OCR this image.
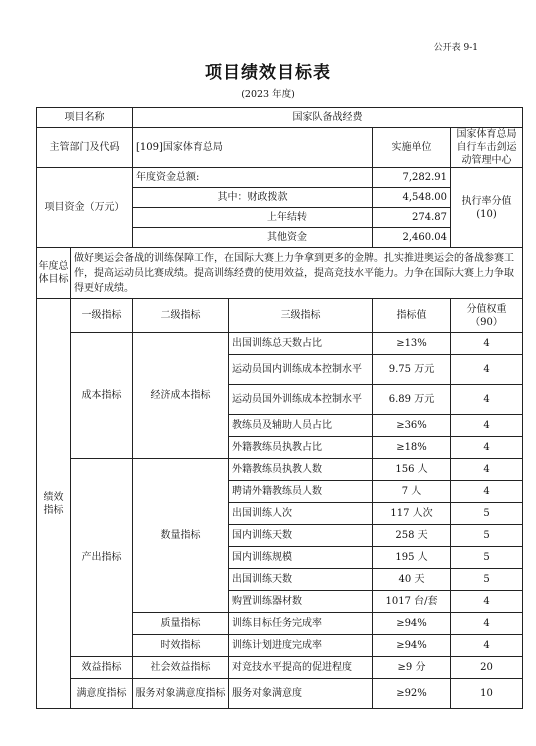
公开表 9-1
项目绩效目标表
(2023 年度)
项目名称		国家队备战经费			
主管部门及代码		[109]国家体育总局		实施单位	国家体育总局自行车击剑运动管理中心
项目资金（万元）		年度资金总额:		7,282.91	执行率分值(10)
		其中：财政拨款		4,548.00	
		上年结转		274.87	
		其他资金		2,460.04	
年度总体目标	做好奥运会备战的训练保障工作，在国际大赛上力争拿到更多的金牌。扎实推进奥运会的备战参赛工作，提高运动员比赛成绩。提高训练经费的使用效益，提高竞技水平能力。力争在国际大赛上力争取得更好成绩。				
绩效指标	一级指标	二级指标	三级指标	指标值	分值权重（90）
	成本指标	经济成本指标	出国训练总天数占比	≥13%	4
			运动员国内训练成本控制水平	9.75 万元	4
			运动员国外训练成本控制水平	6.89 万元	4
			教练员及辅助人员占比	≥36%	4
			外籍教练员执教占比	≥18%	4
	产出指标	数量指标	外籍教练员执教人数	156 人	4
			聘请外籍教练员人数	7 人	4
			出国训练人次	117 人次	5
			国内训练天数	258 天	5
			国内训练规模	195 人	5
			出国训练天数	40 天	5
			购置训练器材数	1017 台/套	4
		质量指标	训练目标任务完成率	≥94%	4
		时效指标	训练计划进度完成率	≥94%	4
	效益指标	社会效益指标	对竞技水平提高的促进程度	≥9 分	20
	满意度指标	服务对象满意度指标	服务对象满意度	≥92%	10
